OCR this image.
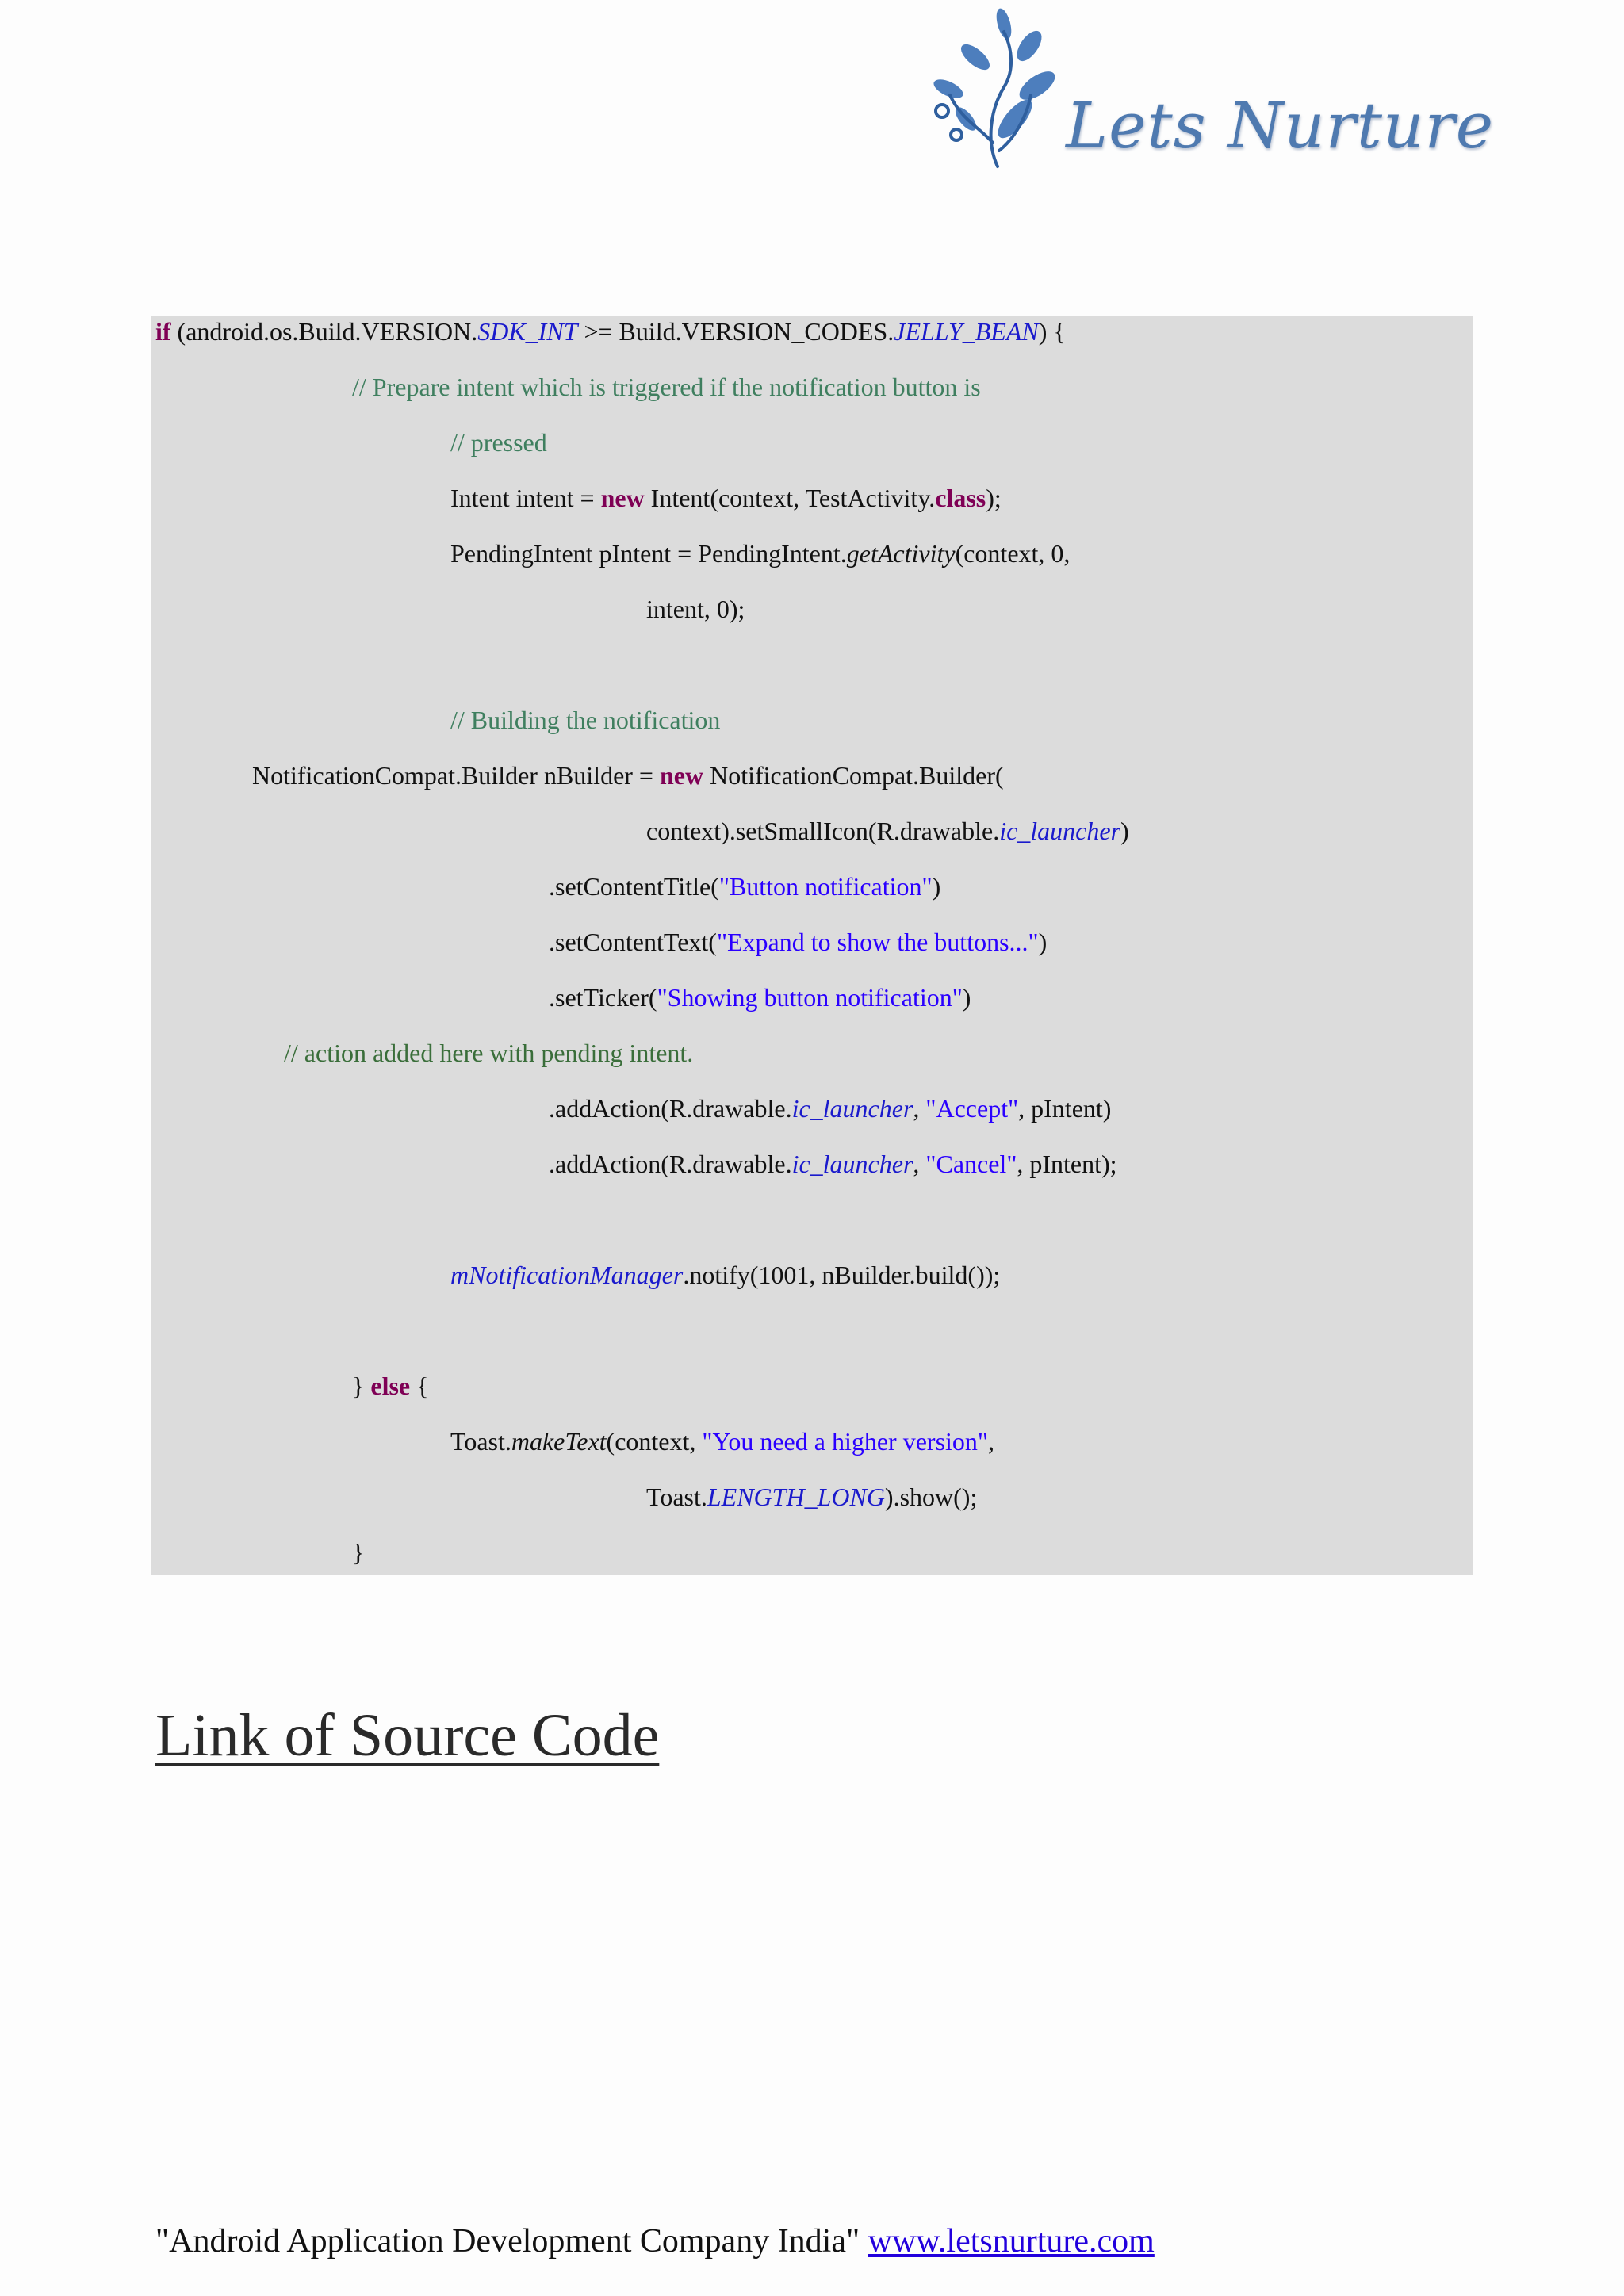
Lets Nurture
if (android.os.Build.VERSION.SDK_INT >= Build.VERSION_CODES.JELLY_BEAN) {
// Prepare intent which is triggered if the notification button is
// pressed
Intent intent = new Intent(context, TestActivity.class);
PendingIntent pIntent = PendingIntent.getActivity(context, 0,
intent, 0);
// Building the notification
NotificationCompat.Builder nBuilder = new NotificationCompat.Builder(
context).setSmallIcon(R.drawable.ic_launcher)
.setContentTitle("Button notification")
.setContentText("Expand to show the buttons...")
.setTicker("Showing button notification")
// action added here with pending intent.
.addAction(R.drawable.ic_launcher, "Accept", pIntent)
.addAction(R.drawable.ic_launcher, "Cancel", pIntent);
mNotificationManager.notify(1001, nBuilder.build());
} else {
Toast.makeText(context, "You need a higher version",
Toast.LENGTH_LONG).show();
}
Link of Source Code
"Android Application Development Company India" www.letsnurture.com
